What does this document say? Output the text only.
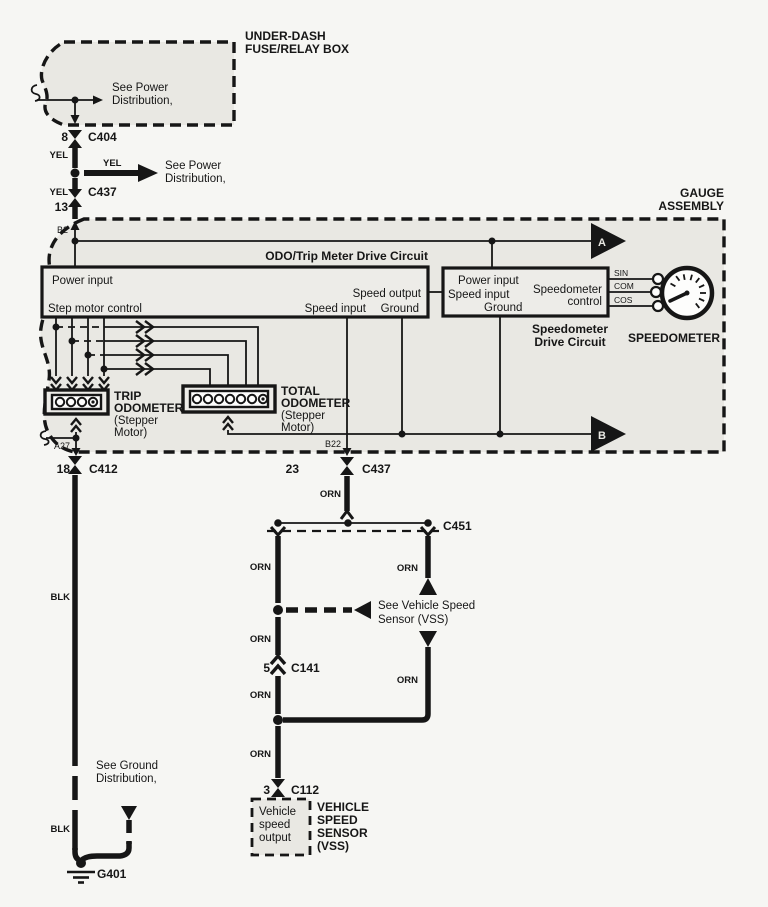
UNDER-DASH
FUSE/RELAY BOX
See Power
Distribution,
8 C404
YEL
YEL	See Power
Distribution,
YEL C437
13
GAUGE
ASSEMBLY
B2
A
ODO/Trip Meter Drive Circuit
Power input
Step motor control
Speed output
Speed input Ground
Power input
Speed input
Ground
Speedometer
control
Speedometer
Drive Circuit
SIN
COM
COS
SPEEDOMETER
TRIP
ODOMETER
(Stepper
Motor)
TOTAL
ODOMETER
(Stepper
Motor)
A27
B
B22
18 C412
BLK
See Ground
Distribution,
BLK
G401
23	C437
ORN
C451
ORN
See Vehicle Speed
Sensor (VSS)
ORN
5 C141
ORN
ORN
ORN
ORN
3 C112
Vehicle
speed
output
VEHICLE
SPEED
SENSOR
(VSS)
